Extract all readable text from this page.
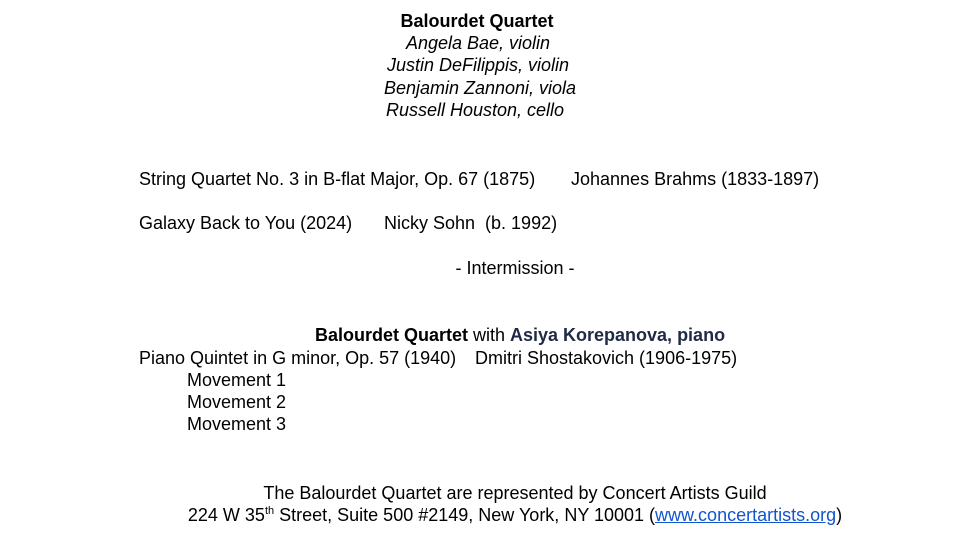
Balourdet Quartet
Angela Bae, violin
Justin DeFilippis, violin
Benjamin Zannoni, viola
Russell Houston, cello
String Quartet No. 3 in B-flat Major, Op. 67 (1875) Johannes Brahms (1833-1897)
Galaxy Back to You (2024) Nicky Sohn  (b. 1992)
- Intermission -

Balourdet Quartet with Asiya Korepanova, piano

Piano Quintet in G minor, Op. 57 (1940) Dmitri Shostakovich (1906-1975)
Movement 1
Movement 2
Movement 3
The Balourdet Quartet are represented by Concert Artists Guild
224 W 35th Street, Suite 500 #2149, New York, NY 10001 (www.concertartists.org)
